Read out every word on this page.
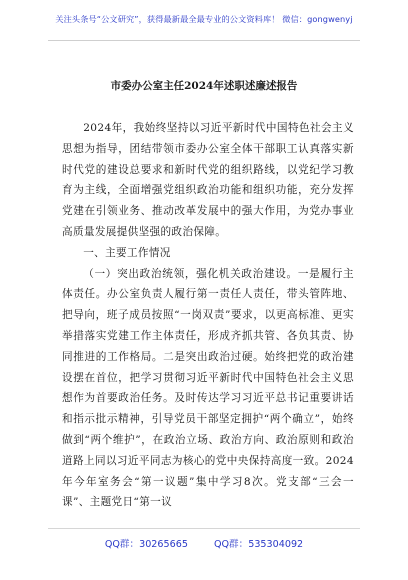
关注头条号“公文研究”，获得最新最全最专业的公文资料库！ 微信：gongwenyj
市委办公室主任2024年述职述廉述报告

2024年，我始终坚持以习近平新时代中国特色社会主义思想为指导，团结带领市委办公室全体干部职工认真落实新时代党的建设总要求和新时代党的组织路线，以党纪学习教育为主线，全面增强党组织政治功能和组织功能，充分发挥党建在引领业务、推动改革发展中的强大作用，为党办事业高质量发展提供坚强的政治保障。

一、主要工作情况

（一）突出政治统领，强化机关政治建设。一是履行主体责任。办公室负责人履行第一责任人责任，带头管阵地、把导向，班子成员按照“一岗双责”要求，以更高标准、更实举措落实党建工作主体责任，形成齐抓共管、各负其责、协同推进的工作格局。二是突出政治过硬。始终把党的政治建设摆在首位，把学习贯彻习近平新时代中国特色社会主义思想作为首要政治任务。及时传达学习习近平总书记重要讲话和指示批示精神，引导党员干部坚定拥护“两个确立”，始终做到“两个维护”，在政治立场、政治方向、政治原则和政治道路上同以习近平同志为核心的党中央保持高度一致。2024年今年室务会“第一议题”集中学习8次。党支部“三会一课”、主题党日“第一议

QQ群：30265665	QQ群：535304092
